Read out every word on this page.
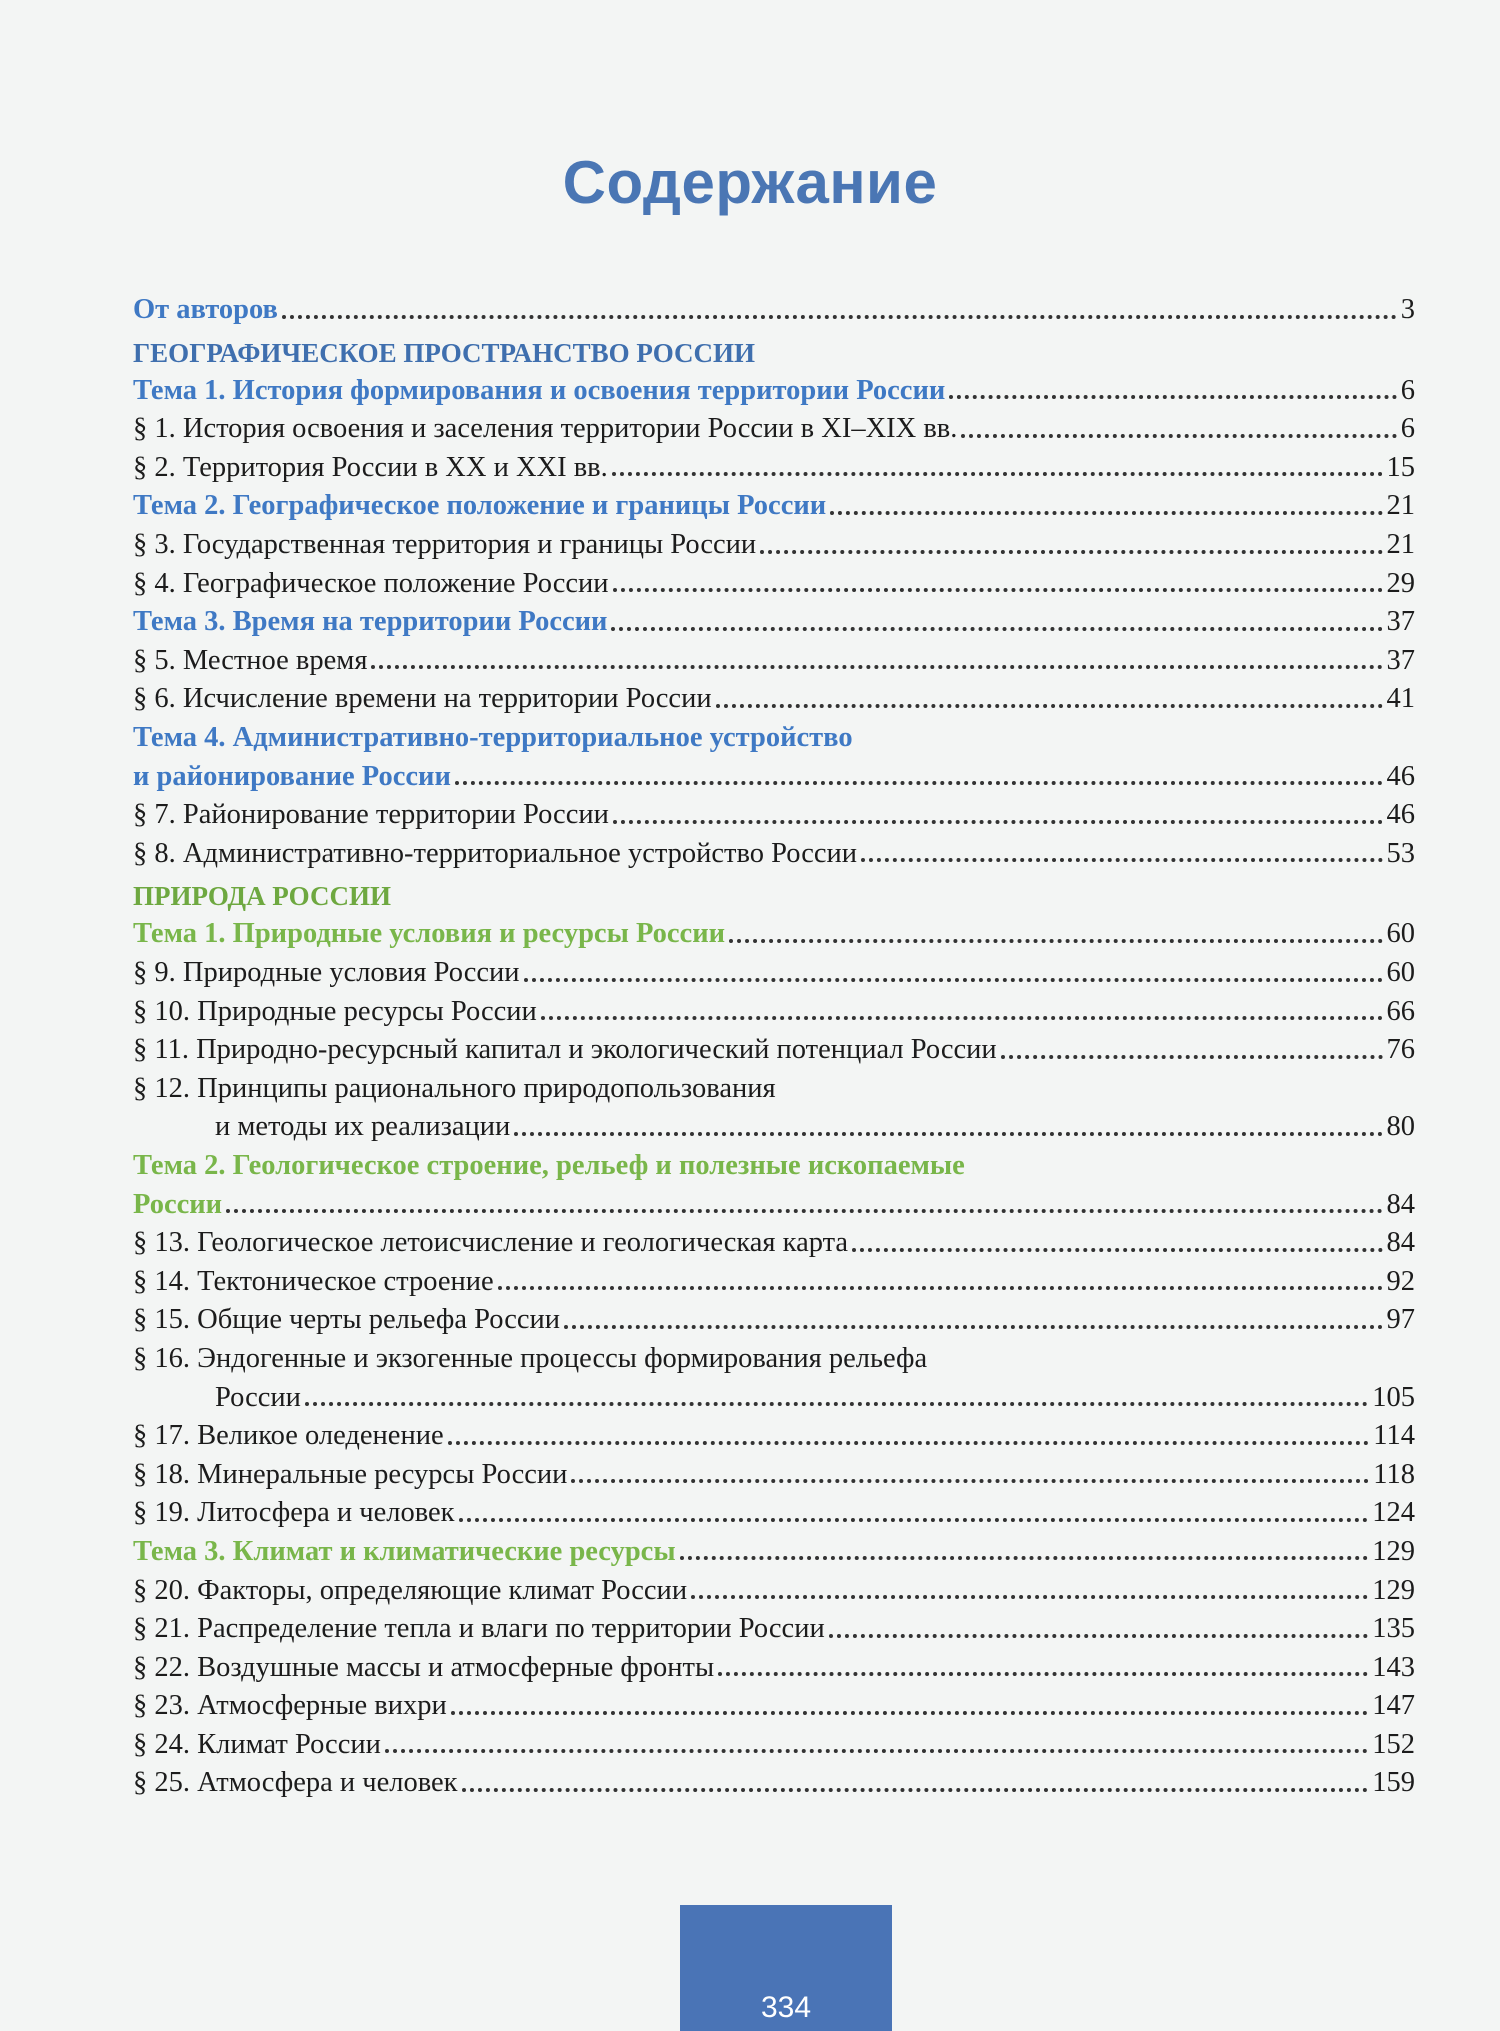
Содержание
От авторов	3
ГЕОГРАФИЧЕСКОЕ ПРОСТРАНСТВО РОССИИ
Тема 1. История формирования и освоения территории России	6
§ 1. История освоения и заселения территории России в XI–XIX вв.	6
§ 2. Территория России в XX и XXI вв.	15
Тема 2. Географическое положение и границы России	21
§ 3. Государственная территория и границы России	21
§ 4. Географическое положение России	29
Тема 3. Время на территории России	37
§ 5. Местное время	37
§ 6. Исчисление времени на территории России	41
Тема 4. Административно-территориальное устройство
и районирование России	46
§ 7. Районирование территории России	46
§ 8. Административно-территориальное устройство России	53
ПРИРОДА РОССИИ
Тема 1. Природные условия и ресурсы России	60
§ 9. Природные условия России	60
§ 10. Природные ресурсы России	66
§ 11. Природно-ресурсный капитал и экологический потенциал России	76
§ 12. Принципы рационального природопользования
и методы их реализации	80
Тема 2. Геологическое строение, рельеф и полезные ископаемые
России	84
§ 13. Геологическое летоисчисление и геологическая карта	84
§ 14. Тектоническое строение	92
§ 15. Общие черты рельефа России	97
§ 16. Эндогенные и экзогенные процессы формирования рельефа
России	105
§ 17. Великое оледенение	114
§ 18. Минеральные ресурсы России	118
§ 19. Литосфера и человек	124
Тема 3. Климат и климатические ресурсы	129
§ 20. Факторы, определяющие климат России	129
§ 21. Распределение тепла и влаги по территории России	135
§ 22. Воздушные массы и атмосферные фронты	143
§ 23. Атмосферные вихри	147
§ 24. Климат России	152
§ 25. Атмосфера и человек	159
334
